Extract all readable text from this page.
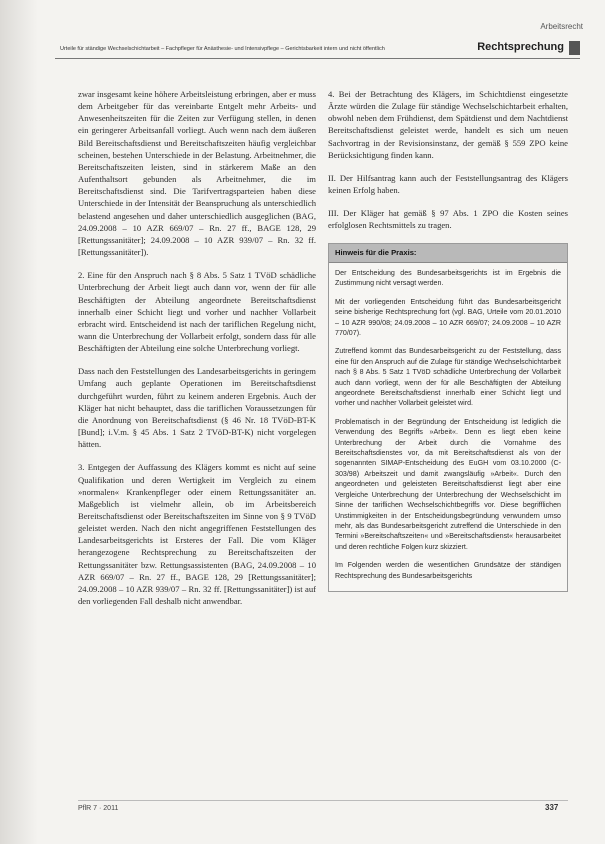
Arbeitsrecht
Urteile für ständige Wechselschichtarbeit – Fachpfleger für Anästhesie- und Intensivpflege – Gerichtsbarkeit intern und nicht öffentlich	Rechtsprechung

zwar insgesamt keine höhere Arbeitsleistung erbringen, aber er muss dem Arbeitgeber für das vereinbarte Entgelt mehr Arbeits- und Anwesenheitszeiten für die Zeiten zur Verfügung stellen, in denen ein geringerer Arbeitsanfall vorliegt. Auch wenn nach dem äußeren Bild Bereitschaftsdienst und Bereitschaftszeiten häufig vergleichbar scheinen, bestehen Unterschiede in der Belastung. Arbeitnehmer, die Bereitschaftszeiten leisten, sind in stärkerem Maße an den Aufenthaltsort gebunden als Arbeitnehmer, die im Bereitschaftsdienst sind. Die Tarifvertragsparteien haben diese Unterschiede in der Intensität der Beanspruchung als unterschiedlich belastend angesehen und daher unterschiedlich ausgeglichen (BAG, 24.09.2008 – 10 AZR 669/07 – Rn. 27 ff., BAGE 128, 29 [Rettungssanitäter]; 24.09.2008 – 10 AZR 939/07 – Rn. 32 ff. [Rettungssanitäter]).

2. Eine für den Anspruch nach § 8 Abs. 5 Satz 1 TVöD schädliche Unterbrechung der Arbeit liegt auch dann vor, wenn der für alle Beschäftigten der Abteilung angeordnete Bereitschaftsdienst innerhalb einer Schicht liegt und vorher und nachher Vollarbeit erbracht wird. Entscheidend ist nach der tariflichen Regelung nicht, wann die Unterbrechung der Vollarbeit erfolgt, sondern dass für alle Beschäftigten der Abteilung eine solche Unterbrechung vorliegt.

Dass nach den Feststellungen des Landesarbeitsgerichts in geringem Umfang auch geplante Operationen im Bereitschaftsdienst durchgeführt wurden, führt zu keinem anderen Ergebnis. Auch der Kläger hat nicht behauptet, dass die tariflichen Voraussetzungen für die Anordnung von Bereitschaftsdienst (§ 46 Nr. 18 TVöD-BT-K [Bund]; i.V.m. § 45 Abs. 1 Satz 2 TVöD-BT-K) nicht vorgelegen hätten.

3. Entgegen der Auffassung des Klägers kommt es nicht auf seine Qualifikation und deren Wertigkeit im Vergleich zu einem »normalen« Krankenpfleger oder einem Rettungssanitäter an. Maßgeblich ist vielmehr allein, ob im Arbeitsbereich Bereitschaftsdienst oder Bereitschaftszeiten im Sinne von § 9 TVöD geleistet werden. Nach den nicht angegriffenen Feststellungen des Landesarbeitsgerichts ist Ersteres der Fall. Die vom Kläger herangezogene Rechtsprechung zu Bereitschaftszeiten der Rettungssanitäter bzw. Rettungsassistenten (BAG, 24.09.2008 – 10 AZR 669/07 – Rn. 27 ff., BAGE 128, 29 [Rettungssanitäter]; 24.09.2008 – 10 AZR 939/07 – Rn. 32 ff. [Rettungssanitäter]) ist auf den vorliegenden Fall deshalb nicht anwendbar.

4. Bei der Betrachtung des Klägers, im Schichtdienst eingesetzte Ärzte würden die Zulage für ständige Wechselschichtarbeit erhalten, obwohl neben dem Frühdienst, dem Spätdienst und dem Nachtdienst Bereitschaftsdienst geleistet werde, handelt es sich um neuen Sachvortrag in der Revisionsinstanz, der gemäß § 559 ZPO keine Berücksichtigung finden kann.

II. Der Hilfsantrag kann auch der Feststellungsantrag des Klägers keinen Erfolg haben.

III. Der Kläger hat gemäß § 97 Abs. 1 ZPO die Kosten seines erfolglosen Rechtsmittels zu tragen.

Hinweis für die Praxis:

Der Entscheidung des Bundesarbeitsgerichts ist im Ergebnis die Zustimmung nicht versagt werden.

Mit der vorliegenden Entscheidung führt das Bundesarbeitsgericht seine bisherige Rechtsprechung fort (vgl. BAG, Urteile vom 20.01.2010 – 10 AZR 990/08; 24.09.2008 – 10 AZR 669/07; 24.09.2008 – 10 AZR 770/07).

Zutreffend kommt das Bundesarbeitsgericht zu der Feststellung, dass eine für den Anspruch auf die Zulage für ständige Wechselschichtarbeit nach § 8 Abs. 5 Satz 1 TVöD schädliche Unterbrechung der Vollarbeit auch dann vorliegt, wenn der für alle Beschäftigten der Abteilung angeordnete Bereitschaftsdienst innerhalb einer Schicht liegt und vorher und nachher Vollarbeit geleistet wird.

Problematisch in der Begründung der Entscheidung ist lediglich die Verwendung des Begriffs »Arbeit«. Denn es liegt eben keine Unterbrechung der Arbeit durch die Vornahme des Bereitschaftsdienstes vor, da mit Bereitschaftsdienst als von der sogenannten SIMAP-Entscheidung des EuGH vom 03.10.2000 (C-303/98) Arbeitszeit und damit zwangsläufig »Arbeit«. Durch den angeordneten und geleisteten Bereitschaftsdienst liegt aber eine Vergleiche Unterbrechung der Unterbrechung der Wechselschicht im Sinne der tariflichen Wechselschichtbegriffs vor. Diese begrifflichen Unstimmigkeiten in der Entscheidungsbegründung verwundern umso mehr, als das Bundesarbeitsgericht zutreffend die Unterschiede in den Termini »Bereitschaftszeiten« und »Bereitschaftsdienst« herausarbeitet und deren rechtliche Folgen kurz skizziert.

Im Folgenden werden die wesentlichen Grundsätze der ständigen Rechtsprechung des Bundesarbeitsgerichts

PflR 7 · 2011	337
